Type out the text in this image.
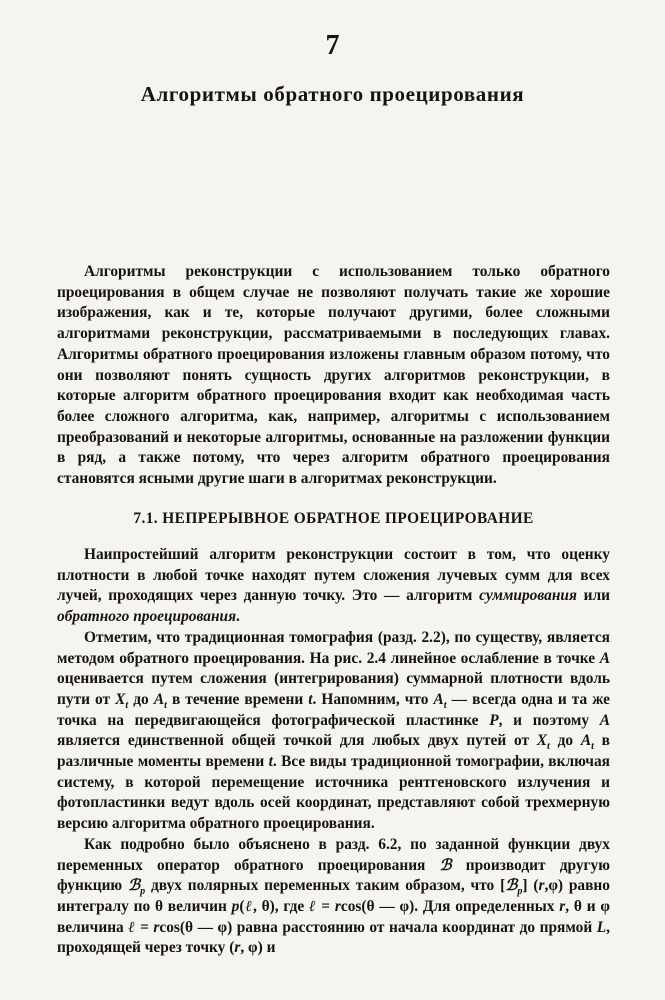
7
Алгоритмы обратного проецирования

Алгоритмы реконструкции с использованием только обратного проецирования в общем случае не позволяют получать такие же хорошие изображения, как и те, которые получают другими, более сложными алгоритмами реконструкции, рассматриваемыми в последующих главах. Алгоритмы обратного проецирования изложены главным образом потому, что они позволяют понять сущность других алгоритмов реконструкции, в которые алгоритм обратного проецирования входит как необходимая часть более сложного алгоритма, как, например, алгоритмы с использованием преобразований и некоторые алгоритмы, основанные на разложении функции в ряд, а также потому, что через алгоритм обратного проецирования становятся ясными другие шаги в алгоритмах реконструкции.

7.1. НЕПРЕРЫВНОЕ ОБРАТНОЕ ПРОЕЦИРОВАНИЕ

Наипростейший алгоритм реконструкции состоит в том, что оценку плотности в любой точке находят путем сложения лучевых сумм для всех лучей, проходящих через данную точку. Это — алгоритм суммирования или обратного проецирования.

Отметим, что традиционная томография (разд. 2.2), по существу, является методом обратного проецирования. На рис. 2.4 линейное ослабление в точке A оценивается путем сложения (интегрирования) суммарной плотности вдоль пути от $X_t$ до $A_t$ в течение времени t. Напомним, что $A_t$ — всегда одна и та же точка на передвигающейся фотографической пластинке P, и поэтому A является единственной общей точкой для любых двух путей от $X_t$ до $A_t$ в различные моменты времени t. Все виды традиционной томографии, включая систему, в которой перемещение источника рентгеновского излучения и фотопластинки ведут вдоль осей координат, представляют собой трехмерную версию алгоритма обратного проецирования.

Как подробно было объяснено в разд. 6.2, по заданной функции двух переменных оператор обратного проецирования ℬ производит другую функцию ℬ$_p$ двух полярных переменных таким образом, что [ℬ$_p$] (r,φ) равно интегралу по θ величин p(ℓ, θ), где ℓ = rcos(θ — φ). Для определенных r, θ и φ величина ℓ = rcos(θ — φ) равна расстоянию от начала координат до прямой L, проходящей через точку (r, φ) и
